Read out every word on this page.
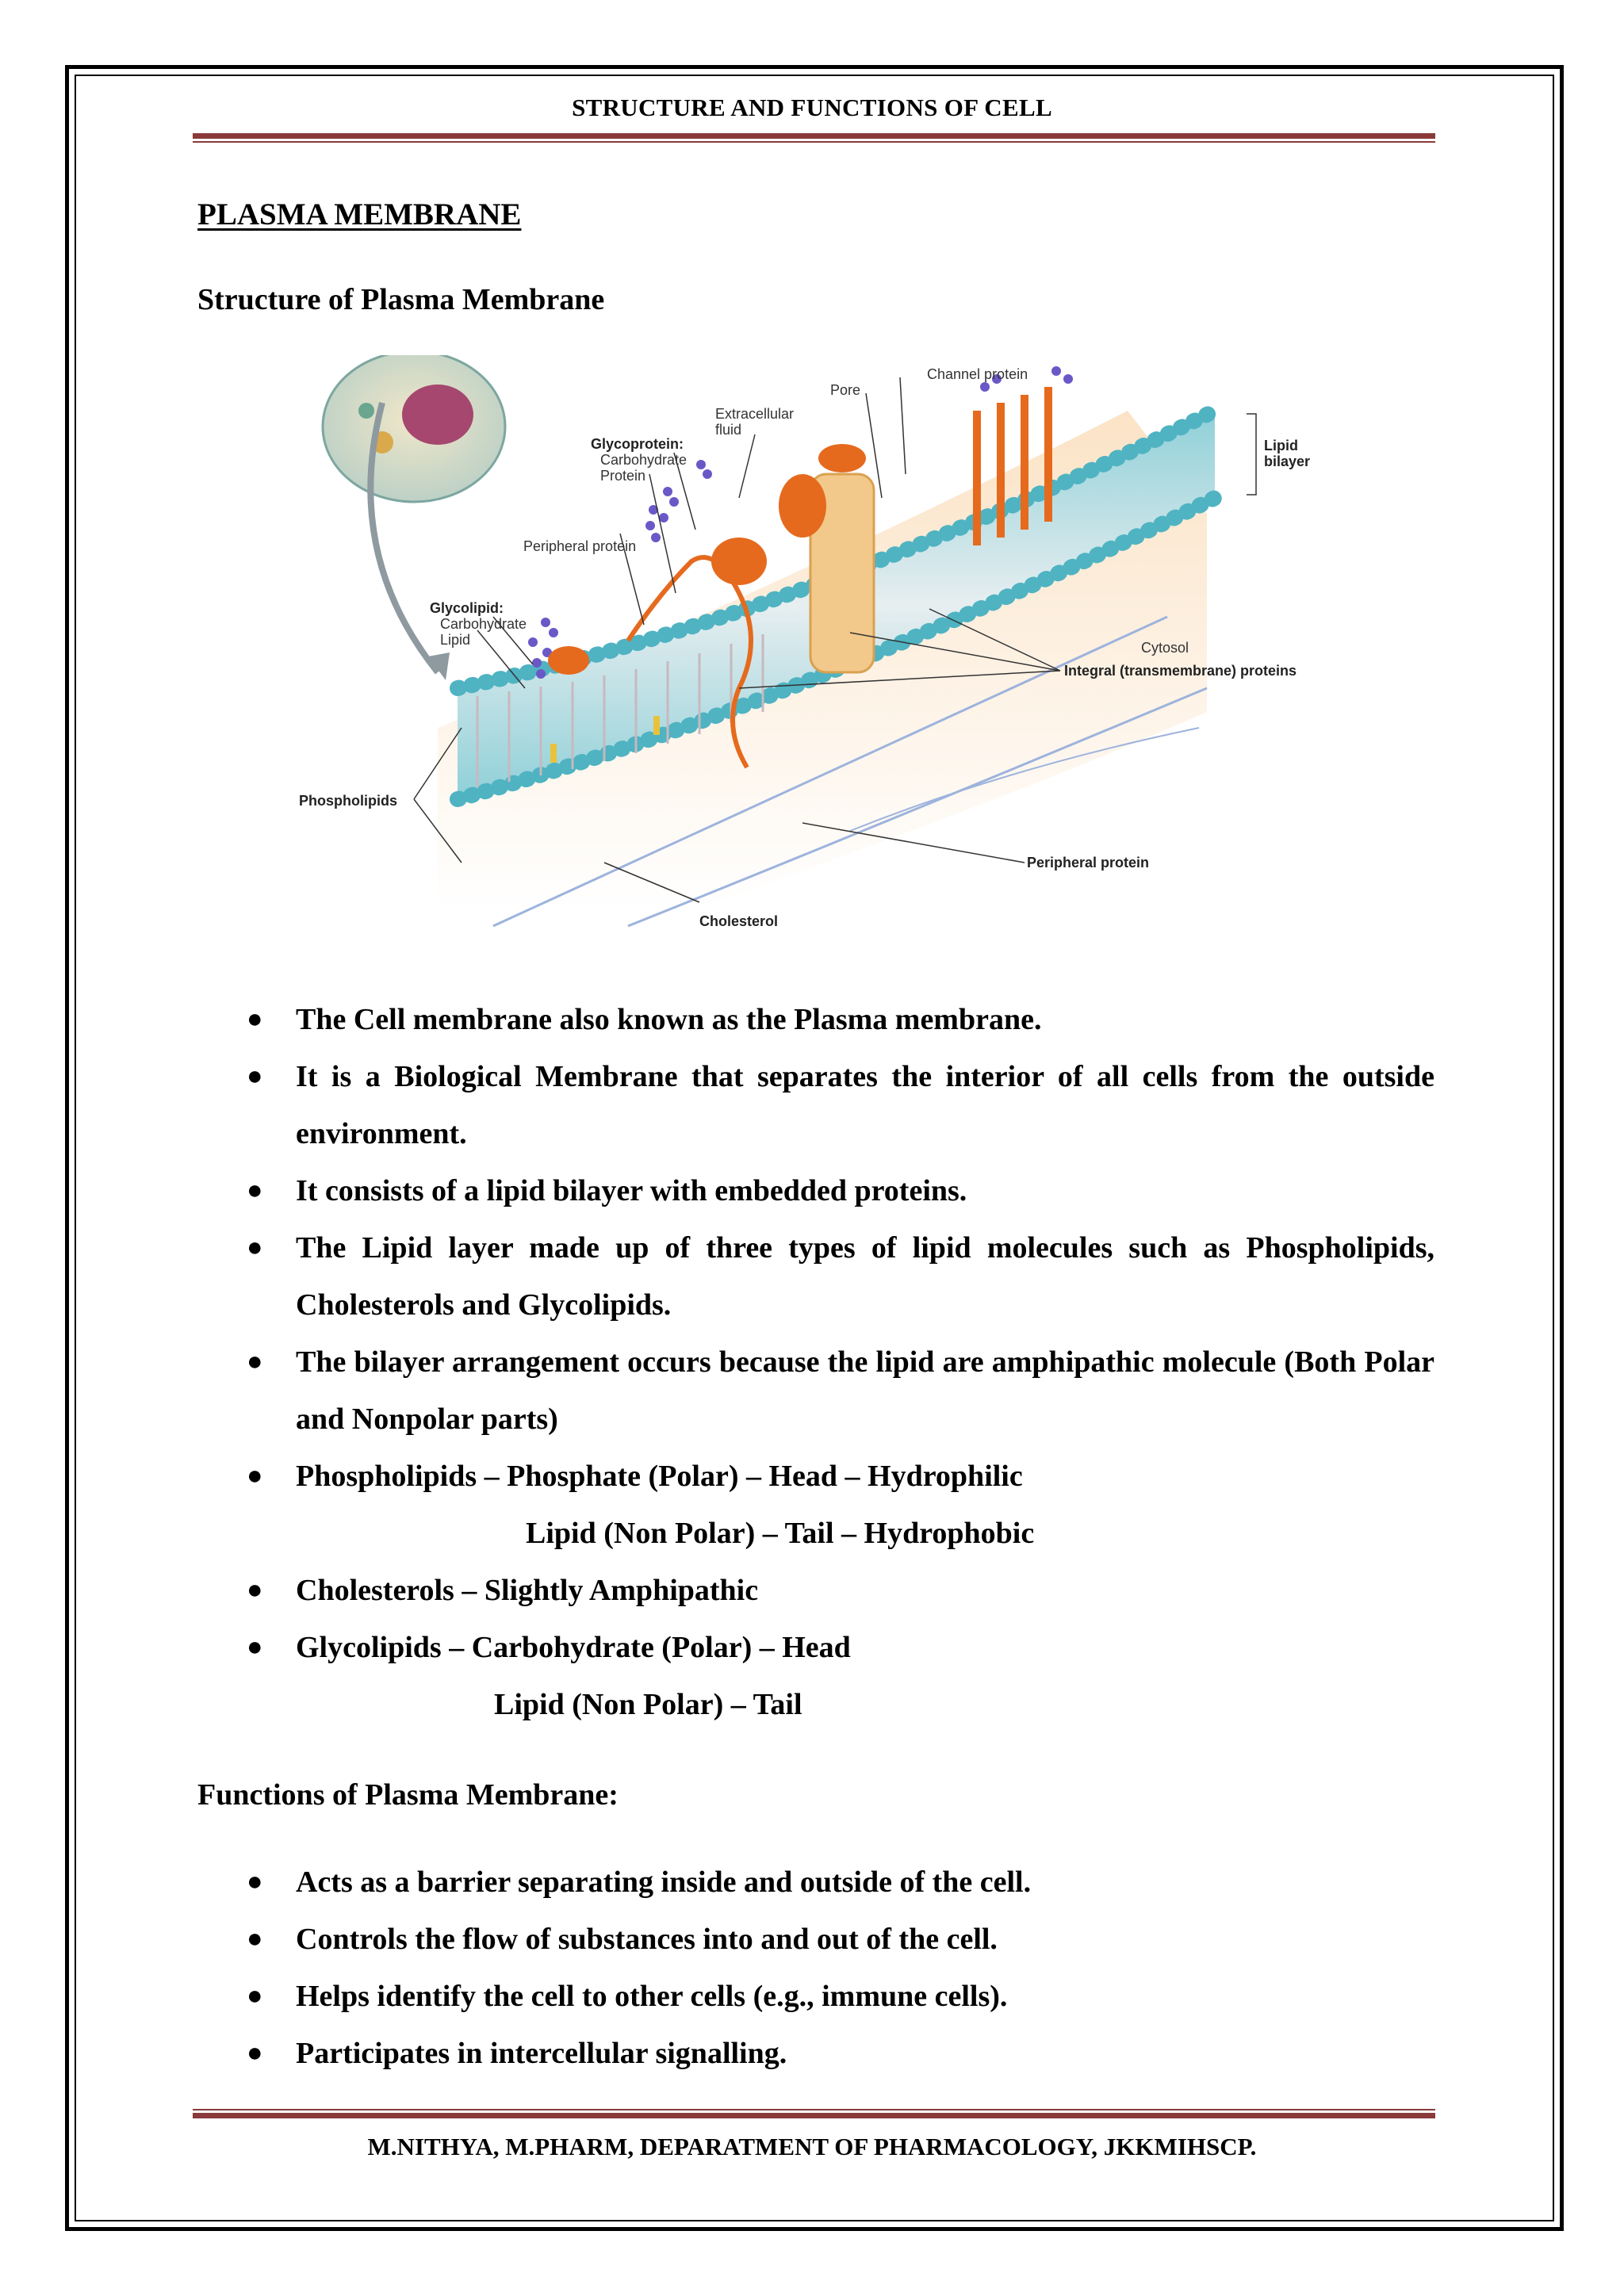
STRUCTURE AND FUNCTIONS OF CELL
PLASMA MEMBRANE
Structure of Plasma Membrane
Channel protein
Pore
Extracellular
fluid
Glycoprotein:
Carbohydrate
Protein
Peripheral protein
Glycolipid:
Carbohydrate
Lipid
Lipid
bilayer
Cytosol
Integral (transmembrane) proteins
Phospholipids
Peripheral protein
Cholesterol
● The Cell membrane also known as the Plasma membrane.
● It is a Biological Membrane that separates the interior of all cells from the outside environment.
● It consists of a lipid bilayer with embedded proteins.
● The Lipid layer made up of three types of lipid molecules such as Phospholipids, Cholesterols and Glycolipids.
● The bilayer arrangement occurs because the lipid are amphipathic molecule (Both Polar and Nonpolar parts)
● Phospholipids – Phosphate (Polar) – Head – Hydrophilic
Lipid (Non Polar) – Tail – Hydrophobic
● Cholesterols – Slightly Amphipathic
● Glycolipids – Carbohydrate (Polar) – Head
Lipid (Non Polar) – Tail
Functions of Plasma Membrane:
● Acts as a barrier separating inside and outside of the cell.
● Controls the flow of substances into and out of the cell.
● Helps identify the cell to other cells (e.g., immune cells).
● Participates in intercellular signalling.
M.NITHYA, M.PHARM, DEPARATMENT OF PHARMACOLOGY, JKKMIHSCP.
